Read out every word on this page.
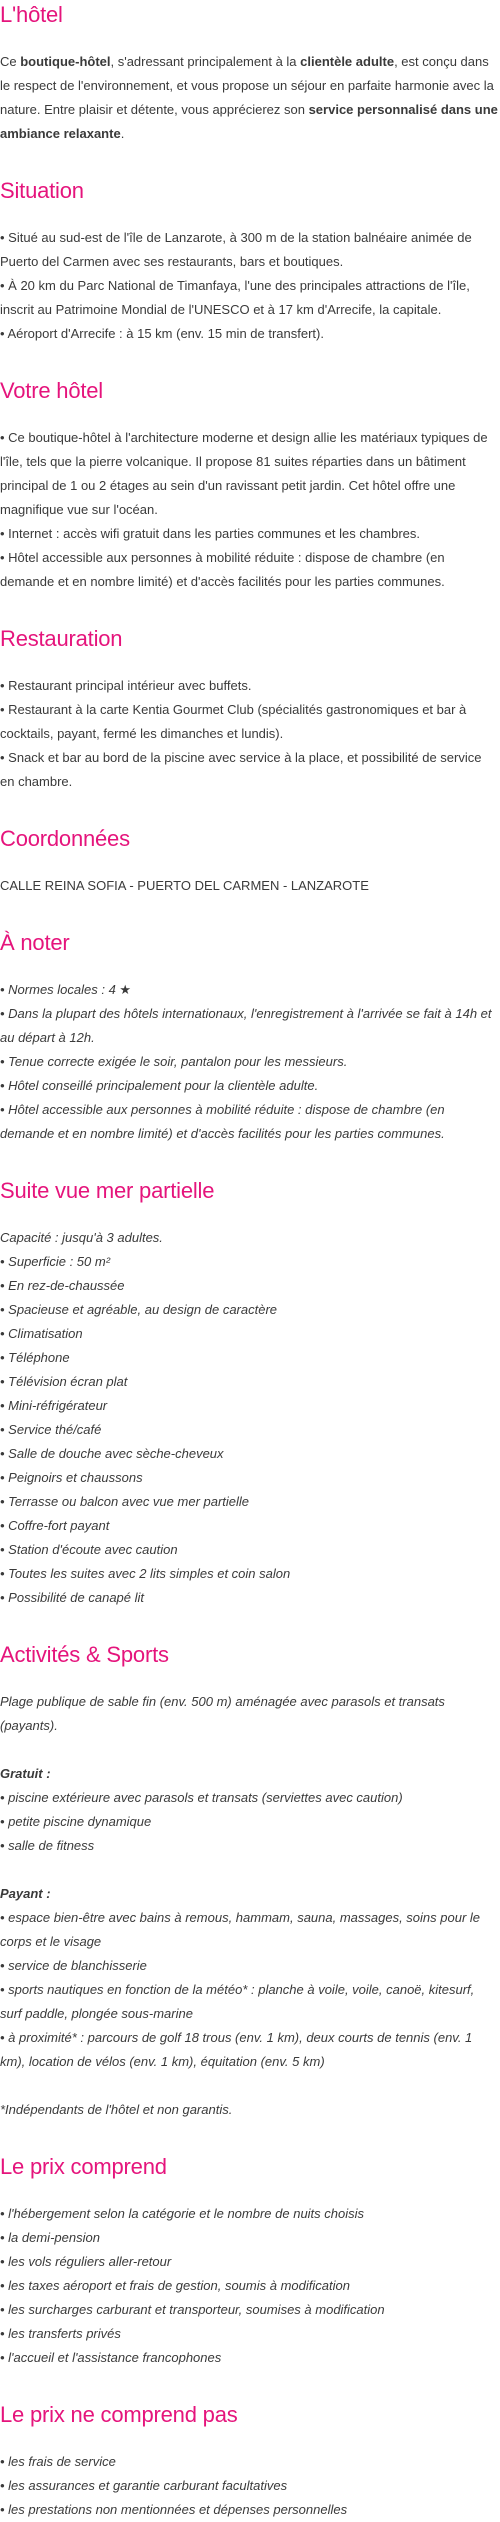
L'hôtel

Ce boutique-hôtel, s'adressant principalement à la clientèle adulte, est conçu dans le respect de l'environnement, et vous propose un séjour en parfaite harmonie avec la nature. Entre plaisir et détente, vous apprécierez son service personnalisé dans une ambiance relaxante.

Situation
• Situé au sud-est de l'île de Lanzarote, à 300 m de la station balnéaire animée de Puerto del Carmen avec ses restaurants, bars et boutiques.
• À 20 km du Parc National de Timanfaya, l'une des principales attractions de l'île, inscrit au Patrimoine Mondial de l'UNESCO et à 17 km d'Arrecife, la capitale.
• Aéroport d'Arrecife : à 15 km (env. 15 min de transfert).
Votre hôtel
• Ce boutique-hôtel à l'architecture moderne et design allie les matériaux typiques de l'île, tels que la pierre volcanique. Il propose 81 suites réparties dans un bâtiment principal de 1 ou 2 étages au sein d'un ravissant petit jardin. Cet hôtel offre une magnifique vue sur l'océan.
• Internet : accès wifi gratuit dans les parties communes et les chambres.
• Hôtel accessible aux personnes à mobilité réduite : dispose de chambre (en demande et en nombre limité) et d'accès facilités pour les parties communes.
Restauration
• Restaurant principal intérieur avec buffets.
• Restaurant à la carte Kentia Gourmet Club (spécialités gastronomiques et bar à cocktails, payant, fermé les dimanches et lundis).
• Snack et bar au bord de la piscine avec service à la place, et possibilité de service en chambre.
Coordonnées

CALLE REINA SOFIA - PUERTO DEL CARMEN - LANZAROTE

À noter
• Normes locales : 4 ★
• Dans la plupart des hôtels internationaux, l'enregistrement à l'arrivée se fait à 14h et au départ à 12h.
• Tenue correcte exigée le soir, pantalon pour les messieurs.
• Hôtel conseillé principalement pour la clientèle adulte.
• Hôtel accessible aux personnes à mobilité réduite : dispose de chambre (en demande et en nombre limité) et d'accès facilités pour les parties communes.
Suite vue mer partielle
Capacité : jusqu'à 3 adultes.
• Superficie : 50 m²
• En rez-de-chaussée
• Spacieuse et agréable, au design de caractère
• Climatisation
• Téléphone
• Télévision écran plat
• Mini-réfrigérateur
• Service thé/café
• Salle de douche avec sèche-cheveux
• Peignoirs et chaussons
• Terrasse ou balcon avec vue mer partielle
• Coffre-fort payant
• Station d'écoute avec caution
• Toutes les suites avec 2 lits simples et coin salon
• Possibilité de canapé lit
Activités & Sports
Plage publique de sable fin (env. 500 m) aménagée avec parasols et transats (payants).
Gratuit :
• piscine extérieure avec parasols et transats (serviettes avec caution)
• petite piscine dynamique
• salle de fitness
Payant :
• espace bien-être avec bains à remous, hammam, sauna, massages, soins pour le corps et le visage
• service de blanchisserie
• sports nautiques en fonction de la météo* : planche à voile, voile, canoë, kitesurf, surf paddle, plongée sous-marine
• à proximité* : parcours de golf 18 trous (env. 1 km), deux courts de tennis (env. 1 km), location de vélos (env. 1 km), équitation (env. 5 km)
*Indépendants de l'hôtel et non garantis.
Le prix comprend
• l'hébergement selon la catégorie et le nombre de nuits choisis
• la demi-pension
• les vols réguliers aller-retour
• les taxes aéroport et frais de gestion, soumis à modification
• les surcharges carburant et transporteur, soumises à modification
• les transferts privés
• l'accueil et l'assistance francophones
Le prix ne comprend pas
• les frais de service
• les assurances et garantie carburant facultatives
• les prestations non mentionnées et dépenses personnelles
